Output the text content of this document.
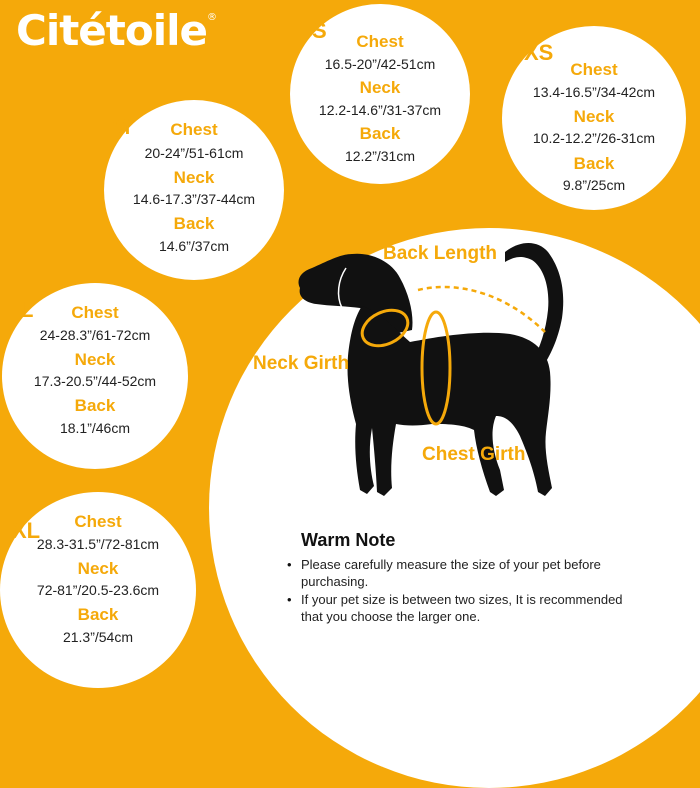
Citétoile®
S	Chest
16.5-20”/42-51cm
Neck
12.2-14.6”/31-37cm
Back
12.2”/31cm
XS
Chest
13.4-16.5”/34-42cm
Neck
10.2-12.2”/26-31cm
Back
9.8”/25cm
M	Chest
20-24”/51-61cm
Neck
14.6-17.3”/37-44cm
Back
14.6”/37cm
L	Chest
24-28.3”/61-72cm
Neck
17.3-20.5”/44-52cm
Back
18.1”/46cm
XL	Chest
28.3-31.5”/72-81cm
Neck
72-81”/20.5-23.6cm
Back
21.3”/54cm
Back Length
Neck Girth
Chest Girth
Warm Note
• Please carefully measure the size of your pet before purchasing.
• If your pet size is between two sizes, It is recommended that you choose the larger one.
